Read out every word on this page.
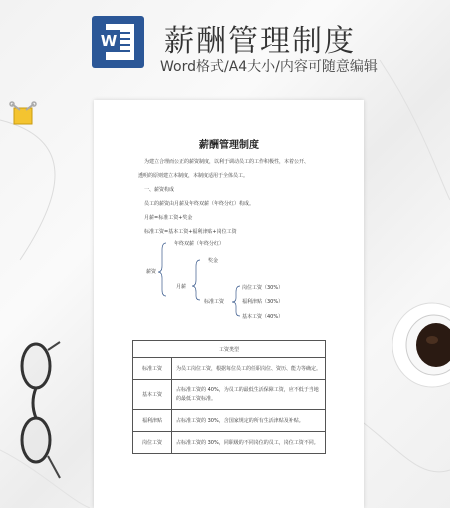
W 薪酬管理制度
Word格式/A4大小/内容可随意编辑
薪酬管理制度
为建立合理而公正的薪资制度，以利于调动员工的工作积极性，本着公开、
透明的原则建立本制度，本制度适用于全体员工。
一、薪资构成
员工的薪资由月薪及年终双薪（年终分红）构成。
月薪=标准工资+奖金
标准工资=基本工资+福利津贴+岗位工资
薪资
年终双薪（年终分红）
月薪
奖金
标准工资
岗位工资（30%）
福利津贴（30%）
基本工资（40%）
工资类型	
标准工资	为员工岗位工资，根据每位员工的任职岗位、资历、能力等确定。
基本工资	占标准工资的 40%，为员工的最低生活保障工资，应不低于当地的最低工资标准。
福利津贴	占标准工资的 30%，含国家规定的所有生活津贴及补贴。
岗位工资	占标准工资的 30%，同职级的不同岗位的员工，岗位工资不同。
